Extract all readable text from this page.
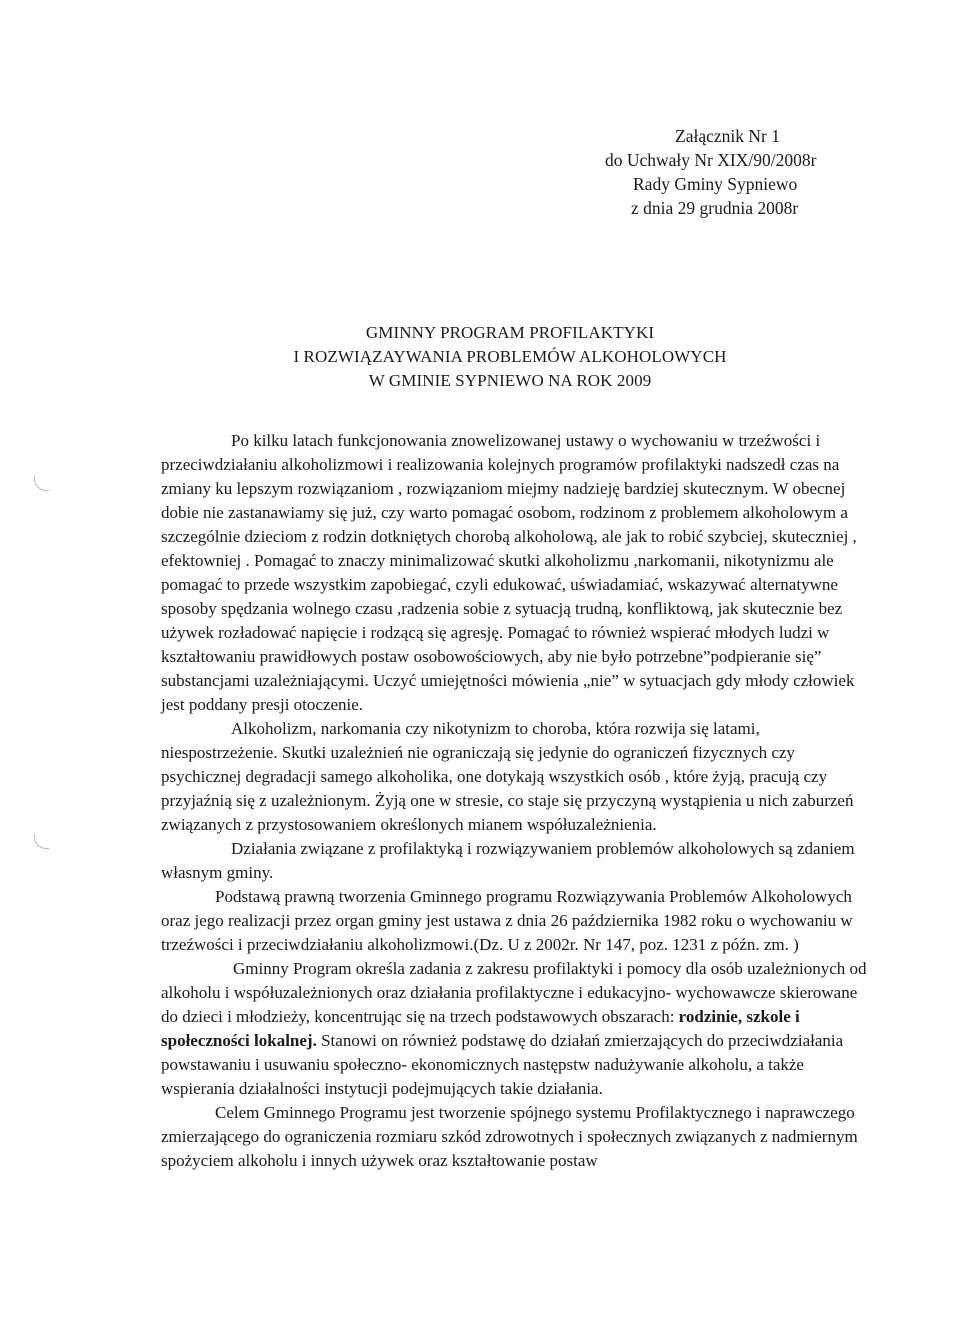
Załącznik Nr 1
do Uchwały Nr XIX/90/2008r
Rady Gminy Sypniewo
z dnia 29 grudnia 2008r
GMINNY PROGRAM PROFILAKTYKI
I ROZWIĄZAYWANIA PROBLEMÓW ALKOHOLOWYCH
W GMINIE SYPNIEWO NA ROK 2009

Po kilku latach funkcjonowania znowelizowanej ustawy o wychowaniu w trzeźwości i przeciwdziałaniu alkoholizmowi i realizowania kolejnych programów profilaktyki nadszedł czas na zmiany ku lepszym rozwiązaniom , rozwiązaniom miejmy nadzieję bardziej skutecznym. W obecnej dobie nie zastanawiamy się już, czy warto pomagać osobom, rodzinom z problemem alkoholowym a szczególnie dzieciom z rodzin dotkniętych chorobą alkoholową, ale jak to robić szybciej, skuteczniej , efektowniej . Pomagać to znaczy minimalizować skutki alkoholizmu ,narkomanii, nikotynizmu ale pomagać to przede wszystkim zapobiegać, czyli edukować, uświadamiać, wskazywać alternatywne sposoby spędzania wolnego czasu ,radzenia sobie z sytuacją trudną, konfliktową, jak skutecznie bez używek rozładować napięcie i rodzącą się agresję. Pomagać to również wspierać młodych ludzi w kształtowaniu prawidłowych postaw osobowościowych, aby nie było potrzebne”podpieranie się” substancjami uzależniającymi. Uczyć umiejętności mówienia „nie” w sytuacjach gdy młody człowiek jest poddany presji otoczenie.

Alkoholizm, narkomania czy nikotynizm to choroba, która rozwija się latami, niespostrzeżenie. Skutki uzależnień nie ograniczają się jedynie do ograniczeń fizycznych czy psychicznej degradacji samego alkoholika, one dotykają wszystkich osób , które żyją, pracują czy przyjaźnią się z uzależnionym. Żyją one w stresie, co staje się przyczyną wystąpienia u nich zaburzeń związanych z przystosowaniem określonych mianem współuzależnienia.

Działania związane z profilaktyką i rozwiązywaniem problemów alkoholowych są zdaniem własnym gminy.

Podstawą prawną tworzenia Gminnego programu Rozwiązywania Problemów Alkoholowych oraz jego realizacji przez organ gminy jest ustawa z dnia 26 października 1982 roku o wychowaniu w trzeźwości i przeciwdziałaniu alkoholizmowi.(Dz. U z 2002r. Nr 147, poz. 1231 z późn. zm. )

Gminny Program określa zadania z zakresu profilaktyki i pomocy dla osób uzależnionych od alkoholu i współuzależnionych oraz działania profilaktyczne i edukacyjno- wychowawcze skierowane do dzieci i młodzieży, koncentrując się na trzech podstawowych obszarach: rodzinie, szkole i społeczności lokalnej. Stanowi on również podstawę do działań zmierzających do przeciwdziałania powstawaniu i usuwaniu społeczno- ekonomicznych następstw nadużywanie alkoholu, a także wspierania działalności instytucji podejmujących takie działania.

Celem Gminnego Programu jest tworzenie spójnego systemu Profilaktycznego i naprawczego zmierzającego do ograniczenia rozmiaru szkód zdrowotnych i społecznych związanych z nadmiernym spożyciem alkoholu i innych używek oraz kształtowanie postaw
